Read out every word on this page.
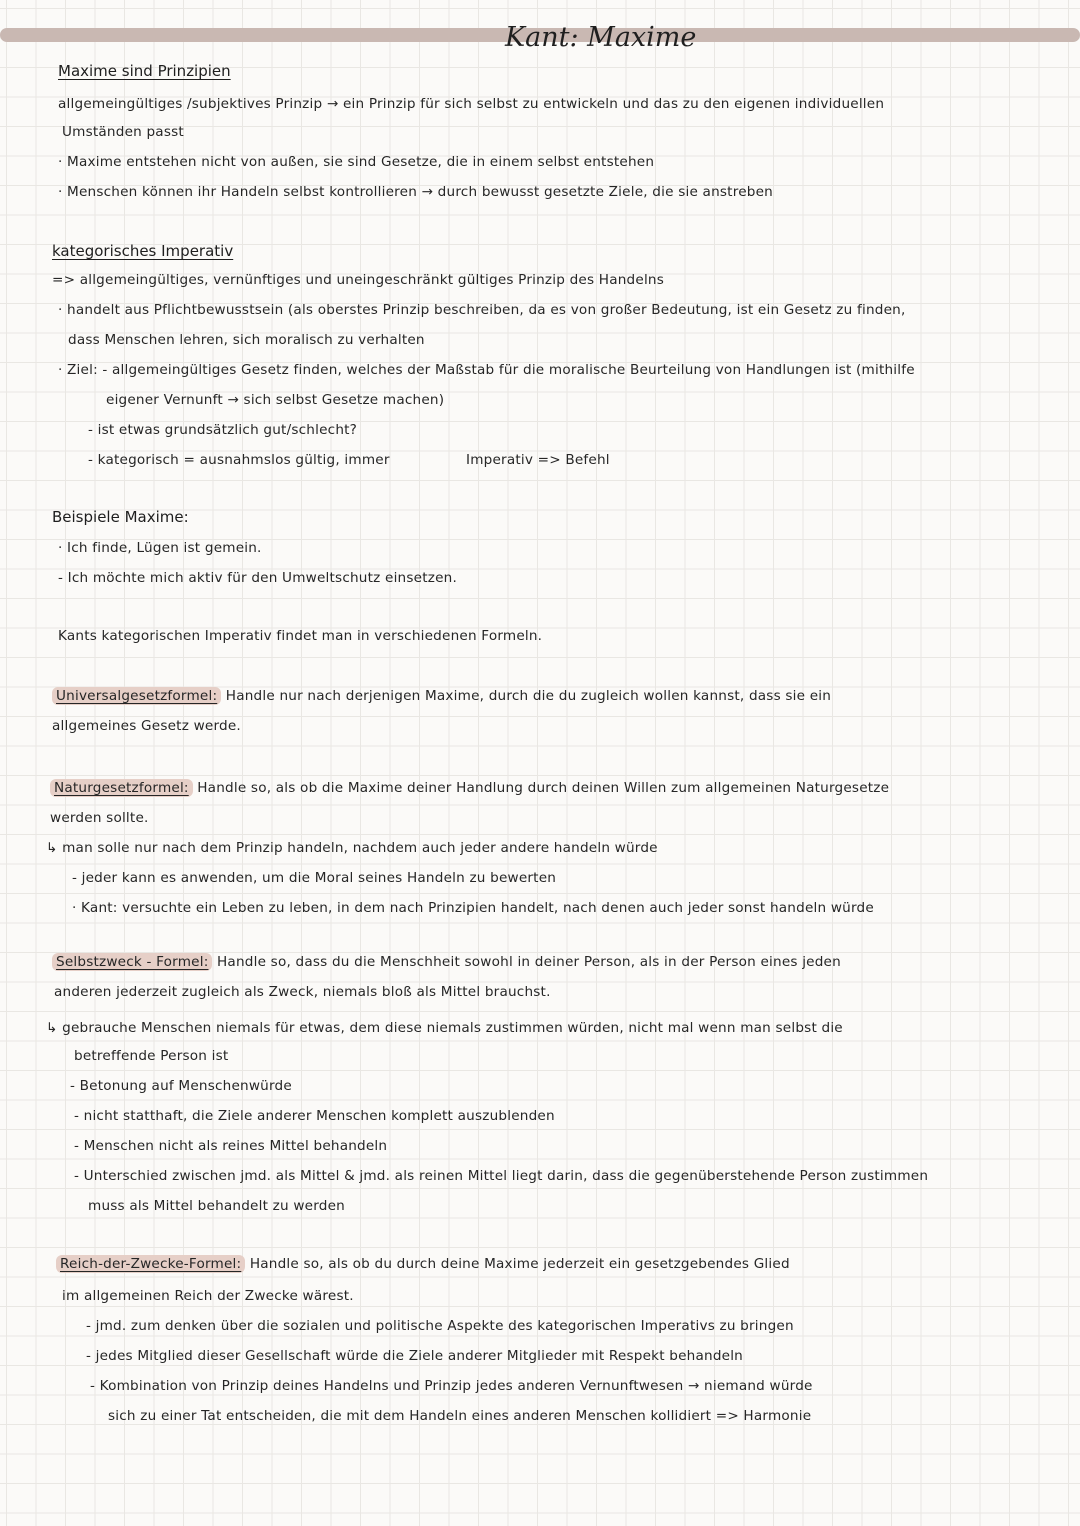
Kant: Maxime
Maxime sind Prinzipien
allgemeingültiges /subjektives Prinzip → ein Prinzip für sich selbst zu entwickeln und das zu den eigenen individuellen
Umständen passt
· Maxime entstehen nicht von außen, sie sind Gesetze, die in einem selbst entstehen
· Menschen können ihr Handeln selbst kontrollieren → durch bewusst gesetzte Ziele, die sie anstreben
kategorisches Imperativ
=> allgemeingültiges, vernünftiges und uneingeschränkt gültiges Prinzip des Handelns
· handelt aus Pflichtbewusstsein (als oberstes Prinzip beschreiben, da es von großer Bedeutung, ist ein Gesetz zu finden,
dass Menschen lehren, sich moralisch zu verhalten
· Ziel: - allgemeingültiges Gesetz finden, welches der Maßstab für die moralische Beurteilung von Handlungen ist (mithilfe
eigener Vernunft → sich selbst Gesetze machen)
- ist etwas grundsätzlich gut/schlecht?
- kategorisch = ausnahmslos gültig, immer	Imperativ => Befehl
Beispiele Maxime:
· Ich finde, Lügen ist gemein.
- Ich möchte mich aktiv für den Umweltschutz einsetzen.
Kants kategorischen Imperativ findet man in verschiedenen Formeln.
Universalgesetzformel: Handle nur nach derjenigen Maxime, durch die du zugleich wollen kannst, dass sie ein
allgemeines Gesetz werde.
Naturgesetzformel: Handle so, als ob die Maxime deiner Handlung durch deinen Willen zum allgemeinen Naturgesetze
werden sollte.
↳ man solle nur nach dem Prinzip handeln, nachdem auch jeder andere handeln würde
- jeder kann es anwenden, um die Moral seines Handeln zu bewerten
· Kant: versuchte ein Leben zu leben, in dem nach Prinzipien handelt, nach denen auch jeder sonst handeln würde
Selbstzweck - Formel: Handle so, dass du die Menschheit sowohl in deiner Person, als in der Person eines jeden
anderen jederzeit zugleich als Zweck, niemals bloß als Mittel brauchst.
↳ gebrauche Menschen niemals für etwas, dem diese niemals zustimmen würden, nicht mal wenn man selbst die
betreffende Person ist
- Betonung auf Menschenwürde
- nicht statthaft, die Ziele anderer Menschen komplett auszublenden
- Menschen nicht als reines Mittel behandeln
- Unterschied zwischen jmd. als Mittel & jmd. als reinen Mittel liegt darin, dass die gegenüberstehende Person zustimmen
muss als Mittel behandelt zu werden
Reich-der-Zwecke-Formel: Handle so, als ob du durch deine Maxime jederzeit ein gesetzgebendes Glied
im allgemeinen Reich der Zwecke wärest.
- jmd. zum denken über die sozialen und politische Aspekte des kategorischen Imperativs zu bringen
- jedes Mitglied dieser Gesellschaft würde die Ziele anderer Mitglieder mit Respekt behandeln
- Kombination von Prinzip deines Handelns und Prinzip jedes anderen Vernunftwesen → niemand würde
sich zu einer Tat entscheiden, die mit dem Handeln eines anderen Menschen kollidiert => Harmonie
